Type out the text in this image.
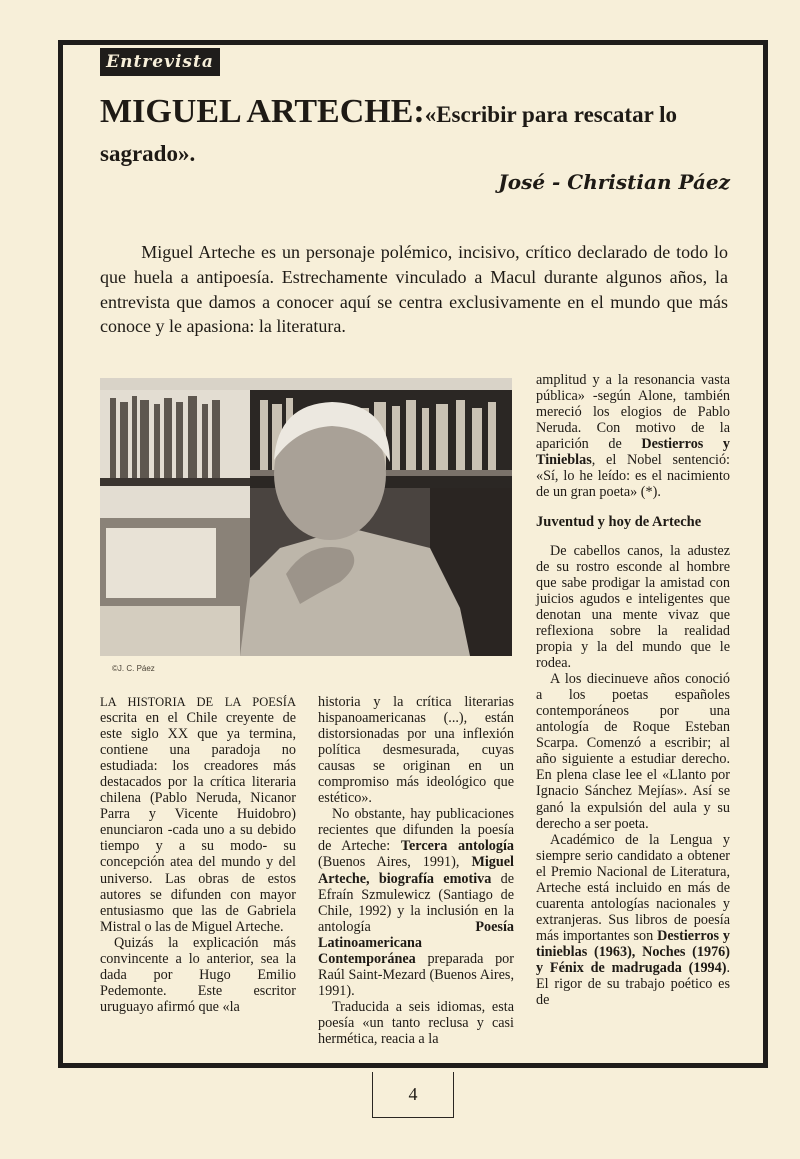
Entrevista
MIGUEL ARTECHE:«Escribir para rescatar lo sagrado».
José - Christian Páez

Miguel Arteche es un personaje polémico, incisivo, crítico declarado de todo lo que huela a antipoesía. Estrechamente vinculado a Macul durante algunos años, la entrevista que damos a conocer aquí se centra exclusivamente en el mundo que más conoce y le apasiona: la literatura.

©J. C. Páez

LA HISTORIA DE LA POESÍA escrita en el Chile creyente de este siglo XX que ya termina, contiene una paradoja no estudiada: los creadores más destacados por la crítica literaria chilena (Pablo Neruda, Nicanor Parra y Vicente Huidobro) enunciaron -cada uno a su debido tiempo y a su modo- su concepción atea del mundo y del universo. Las obras de estos autores se difunden con mayor entusiasmo que las de Gabriela Mistral o las de Miguel Arteche.

Quizás la explicación más convincente a lo anterior, sea la dada por Hugo Emilio Pedemonte. Este escritor uruguayo afirmó que «la

historia y la crítica literarias hispanoamericanas (...), están distorsionadas por una inflexión política desmesurada, cuyas causas se originan en un compromiso más ideológico que estético».

No obstante, hay publicaciones recientes que difunden la poesía de Arteche: Tercera antología (Buenos Aires, 1991), Miguel Arteche, biografía emotiva de Efraín Szmulewicz (Santiago de Chile, 1992) y la inclusión en la antología Poesía Latinoamericana Contemporánea preparada por Raúl Saint-Mezard (Buenos Aires, 1991).

Traducida a seis idiomas, esta poesía «un tanto reclusa y casi hermética, reacia a la

amplitud y a la resonancia vasta pública» -según Alone, también mereció los elogios de Pablo Neruda. Con motivo de la aparición de Destierros y Tinieblas, el Nobel sentenció: «Sí, lo he leído: es el nacimiento de un gran poeta» (*).

Juventud y hoy de Arteche

De cabellos canos, la adustez de su rostro esconde al hombre que sabe prodigar la amistad con juicios agudos e inteligentes que denotan una mente vivaz que reflexiona sobre la realidad propia y la del mundo que le rodea.

A los diecinueve años conoció a los poetas españoles contemporáneos por una antología de Roque Esteban Scarpa. Comenzó a escribir; al año siguiente a estudiar derecho. En plena clase lee el «Llanto por Ignacio Sánchez Mejías». Así se ganó la expulsión del aula y su derecho a ser poeta.

Académico de la Lengua y siempre serio candidato a obtener el Premio Nacional de Literatura, Arteche está incluido en más de cuarenta antologías nacionales y extranjeras. Sus libros de poesía más importantes son Destierros y tinieblas (1963), Noches (1976) y Fénix de madrugada (1994). El rigor de su trabajo poético es de

4
